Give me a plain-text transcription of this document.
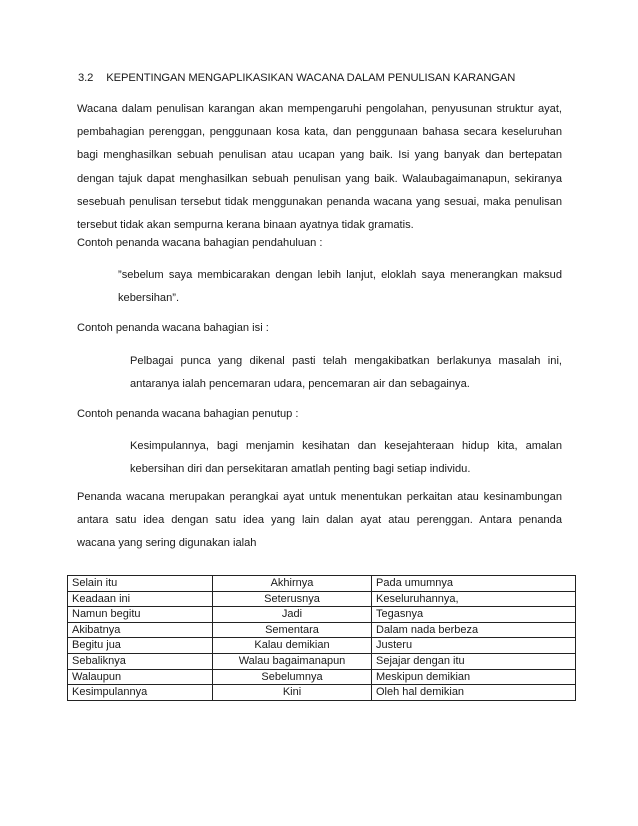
3.2 KEPENTINGAN MENGAPLIKASIKAN WACANA DALAM PENULISAN KARANGAN
Wacana dalam penulisan karangan akan mempengaruhi pengolahan, penyusunan struktur ayat,
pembahagian perenggan, penggunaan kosa kata, dan penggunaan bahasa secara keseluruhan
bagi menghasilkan sebuah penulisan atau ucapan yang baik. Isi yang banyak dan bertepatan
dengan tajuk dapat menghasilkan sebuah penulisan yang baik. Walaubagaimanapun, sekiranya
sesebuah penulisan tersebut tidak menggunakan penanda wacana yang sesuai, maka penulisan
tersebut tidak akan sempurna kerana binaan ayatnya tidak gramatis.

Contoh penanda wacana bahagian pendahuluan :

”sebelum saya membicarakan dengan lebih lanjut, eloklah saya menerangkan maksud
kebersihan”.

Contoh penanda wacana bahagian isi :

Pelbagai punca yang dikenal pasti telah mengakibatkan berlakunya masalah ini,
antaranya ialah pencemaran udara, pencemaran air dan sebagainya.

Contoh penanda wacana bahagian penutup :

Kesimpulannya, bagi menjamin kesihatan dan kesejahteraan hidup kita, amalan
kebersihan diri dan persekitaran amatlah penting bagi setiap individu.
Penanda wacana merupakan perangkai ayat untuk menentukan perkaitan atau kesinambungan
antara satu idea dengan satu idea yang lain dalan ayat atau perenggan. Antara penanda
wacana yang sering digunakan ialah
Selain itu	Akhirnya	Pada umumnya
Keadaan ini	Seterusnya	Keseluruhannya,
Namun begitu	Jadi	Tegasnya
Akibatnya	Sementara	Dalam nada berbeza
Begitu jua	Kalau demikian	Justeru
Sebaliknya	Walau bagaimanapun	Sejajar dengan itu
Walaupun	Sebelumnya	Meskipun demikian
Kesimpulannya	Kini	Oleh hal demikian
